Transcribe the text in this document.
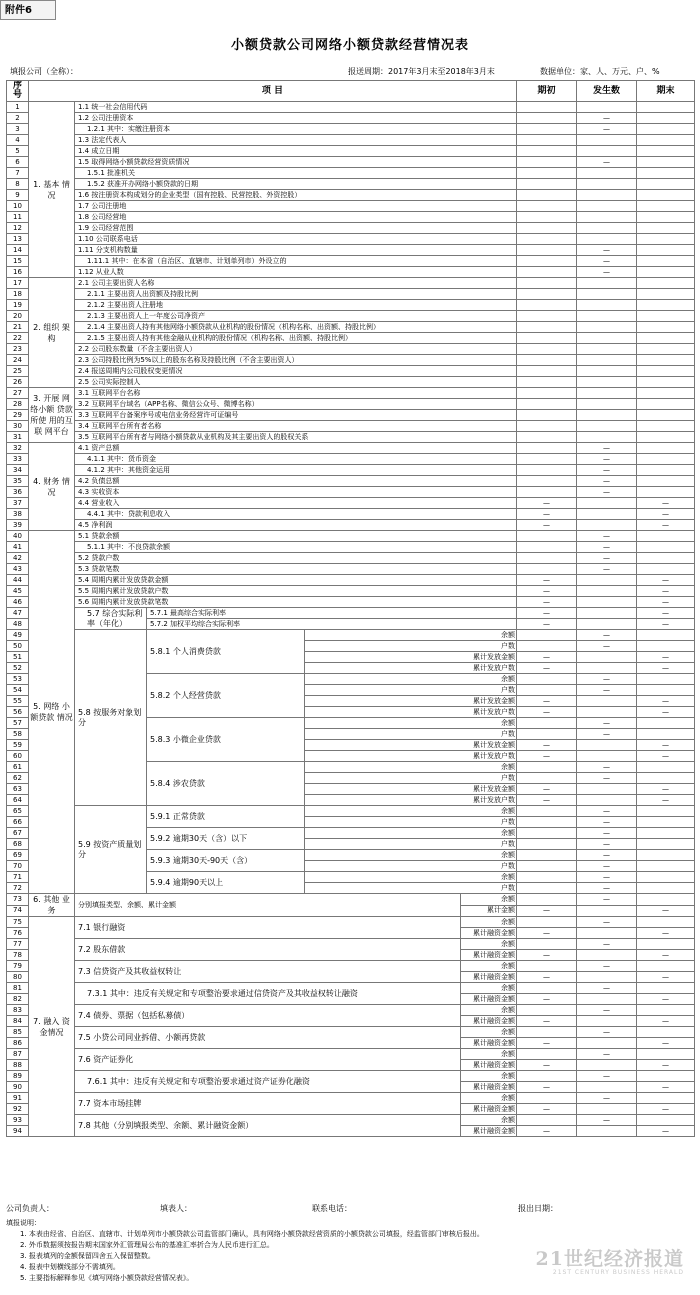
附件6
小额贷款公司网络小额贷款经营情况表
填报公司（全称）：	报送周期：2017年3月末至2018年3月末	数据单位：家、人、万元、户、%
序
号	项 目					期初	发生数	期末
1	1. 基本 情况	1.1 统一社会信用代码						
2		1.2 公司注册资本					—	
3		1.2.1 其中：实缴注册资本					—	
4		1.3 法定代表人						
5		1.4 成立日期						
6		1.5 取得网络小额贷款经营资质情况					—	
7		1.5.1 批准机关						
8		1.5.2 获准开办网络小额贷款的日期						
9		1.6 按注册资本构成划分的企业类型（国有控股、民营控股、外资控股）						
10		1.7 公司注册地						
11		1.8 公司经营地						
12		1.9 公司经营范围						
13		1.10 公司联系电话						
14		1.11 分支机构数量					—	
15		1.11.1 其中：在本省（自治区、直辖市、计划单列市）外设立的					—	
16		1.12 从业人数					—	
17	2. 组织 架构	2.1 公司主要出资人名称						
18		2.1.1 主要出资人出资额及持股比例						
19		2.1.2 主要出资人注册地						
20		2.1.3 主要出资人上一年度公司净资产						
21		2.1.4 主要出资人持有其他网络小额贷款从业机构的股份情况（机构名称、出资额、持股比例）						
22		2.1.5 主要出资人持有其他金融从业机构的股份情况（机构名称、出资额、持股比例）						
23		2.2 公司股东数量（不含主要出资人）						
24		2.3 公司持股比例为5%以上的股东名称及持股比例（不含主要出资人）						
25		2.4 报送周期内公司股权变更情况						
26		2.5 公司实际控制人						
27	3. 开展 网络小额 贷款所使 用的互联 网平台	3.1 互联网平台名称						
28		3.2 互联网平台域名（APP名称、微信公众号、微博名称）						
29		3.3 互联网平台备案序号或电信业务经营许可证编号						
30		3.4 互联网平台所有者名称						
31		3.5 互联网平台所有者与网络小额贷款从业机构及其主要出资人的股权关系						
32	4. 财务 情况	4.1 资产总额					—	
33		4.1.1 其中：货币资金					—	
34		4.1.2 其中：其他资金运用					—	
35		4.2 负债总额					—	
36		4.3 实收资本					—	
37		4.4 营业收入				—		—
38		4.4.1 其中：贷款利息收入				—		—
39		4.5 净利润				—		—
40	5. 网络 小额贷款 情况	5.1 贷款余额					—	
41		5.1.1 其中：不良贷款余额					—	
42		5.2 贷款户数					—	
43		5.3 贷款笔数					—	
44		5.4 周期内累计发放贷款金额				—		—
45		5.5 周期内累计发放贷款户数				—		—
46		5.6 周期内累计发放贷款笔数				—		—
47		5.7 综合实际利率（年化）	5.7.1 最高综合实际利率			—		—
48			5.7.2 加权平均综合实际利率			—		—
49		5.8 按服务对象划分	5.8.1 个人消费贷款	余额			—	
50				户数			—	
51				累计发放金额		—		—
52				累计发放户数		—		—
53			5.8.2 个人经营贷款	余额			—	
54				户数			—	
55				累计发放金额		—		—
56				累计发放户数		—		—
57			5.8.3 小微企业贷款	余额			—	
58				户数			—	
59				累计发放金额		—		—
60				累计发放户数		—		—
61			5.8.4 涉农贷款	余额			—	
62				户数			—	
63				累计发放金额		—		—
64				累计发放户数		—		—
65		5.9 按资产质量划分	5.9.1 正常贷款	余额			—	
66				户数			—	
67			5.9.2 逾期30天（含）以下	余额			—	
68				户数			—	
69			5.9.3 逾期30天-90天（含）	余额			—	
70				户数			—	
71			5.9.4 逾期90天以上	余额			—	
72				户数			—	
73	6. 其他 业务	分别填报类型、余额、累计金额			余额		—	
74					累计金额	—		—
75	7. 融入 资金情况	7.1 银行融资			余额		—	
76					累计融资金额	—		—
77		7.2 股东借款			余额		—	
78					累计融资金额	—		—
79		7.3 信贷资产及其收益权转让			余额		—	
80					累计融资金额	—		—
81		7.3.1 其中：违反有关规定和专项整治要求通过信贷资产及其收益权转让融资			余额		—	
82					累计融资金额	—		—
83		7.4 债券、票据（包括私募债）			余额		—	
84					累计融资金额	—		—
85		7.5 小贷公司同业拆借、小额再贷款			余额		—	
86					累计融资金额	—		—
87		7.6 资产证券化			余额		—	
88					累计融资金额	—		—
89		7.6.1 其中：违反有关规定和专项整治要求通过资产证券化融资			余额		—	
90					累计融资金额	—		—
91		7.7 资本市场挂牌			余额		—	
92					累计融资金额	—		—
93		7.8 其他（分别填报类型、余额、累计融资金额）			余额		—	
94					累计融资金额	—		—
公司负责人：	填表人：	联系电话：	报出日期：
填报说明：
1. 本表由经省、自治区、直辖市、计划单列市小额贷款公司监管部门确认，具有网络小额贷款经营资质的小额贷款公司填报，经监管部门审核后报出。
2. 外币数据须按报告期末国家外汇管理局公布的基准汇率折合为人民币进行汇总。
3. 报表填列的金额保留四舍五入保留整数。
4. 报表中划横线部分不需填列。
5. 主要指标解释参见《填写网络小额贷款经营情况表》。
21世纪经济报道
21ST CENTURY BUSINESS HERALD
